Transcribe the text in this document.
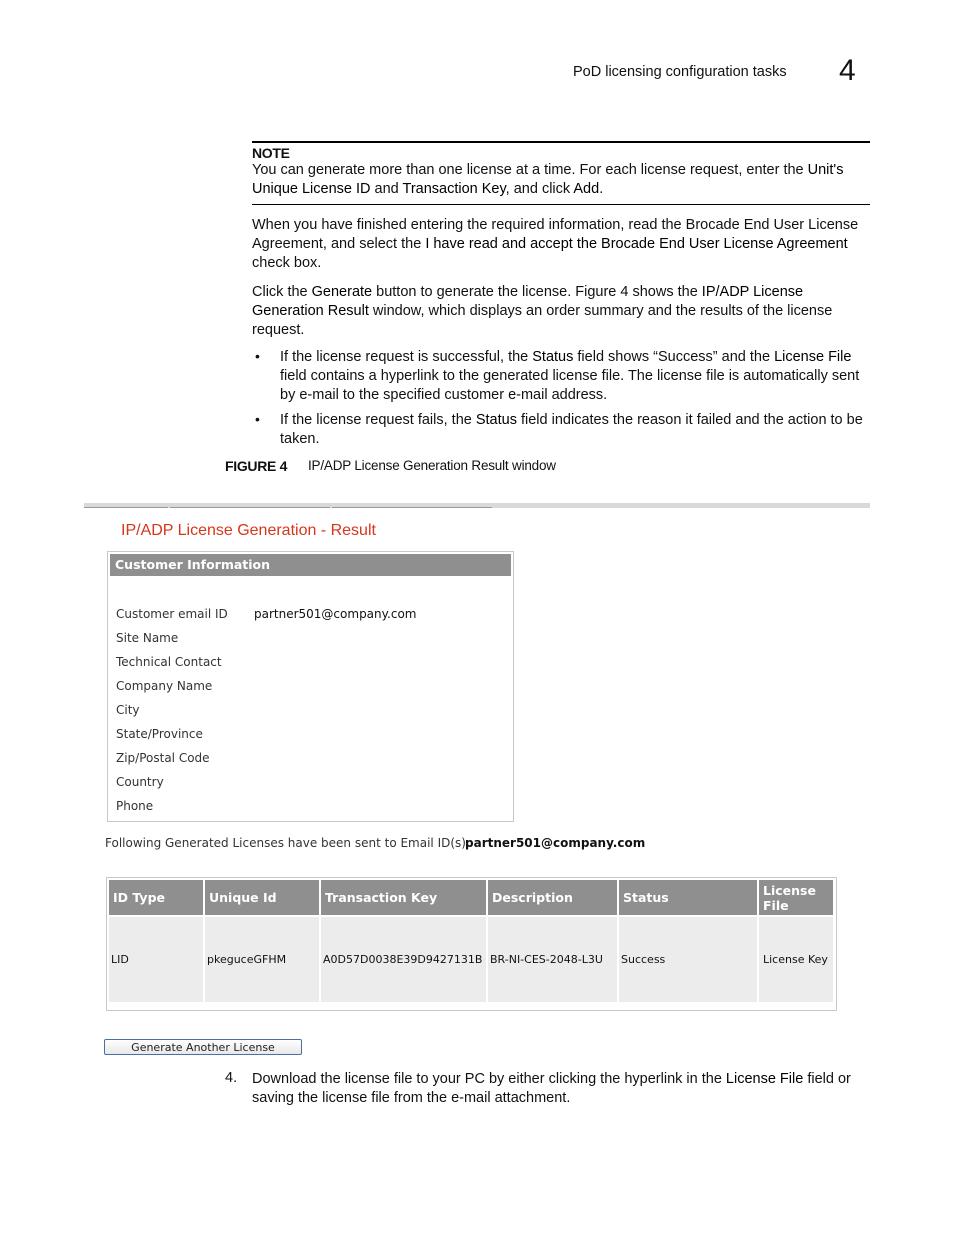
PoD licensing configuration tasks 4
NOTE
You can generate more than one license at a time. For each license request, enter the Unit's Unique License ID and Transaction Key, and click Add.
When you have finished entering the required information, read the Brocade End User License Agreement, and select the I have read and accept the Brocade End User License Agreement check box.
Click the Generate button to generate the license. Figure 4 shows the IP/ADP License Generation Result window, which displays an order summary and the results of the license request.
• If the license request is successful, the Status field shows “Success” and the License File field contains a hyperlink to the generated license file. The license file is automatically sent by e-mail to the specified customer e-mail address.
• If the license request fails, the Status field indicates the reason it failed and the action to be taken.
FIGURE 4 IP/ADP License Generation Result window
IP/ADP License Generation - Result
Customer Information
Customer email ID partner501@company.com
Site Name
Technical Contact
Company Name
City
State/Province
Zip/Postal Code
Country
Phone
Following Generated Licenses have been sent to Email ID(s):
partner501@company.com
ID Type	Unique Id	Transaction Key	Description	Status	License File
LID	pkeguceGFHM	A0D57D0038E39D9427131B	BR-NI-CES-2048-L3U	Success	License Key
Generate Another License
4. Download the license file to your PC by either clicking the hyperlink in the License File field or saving the license file from the e-mail attachment.
